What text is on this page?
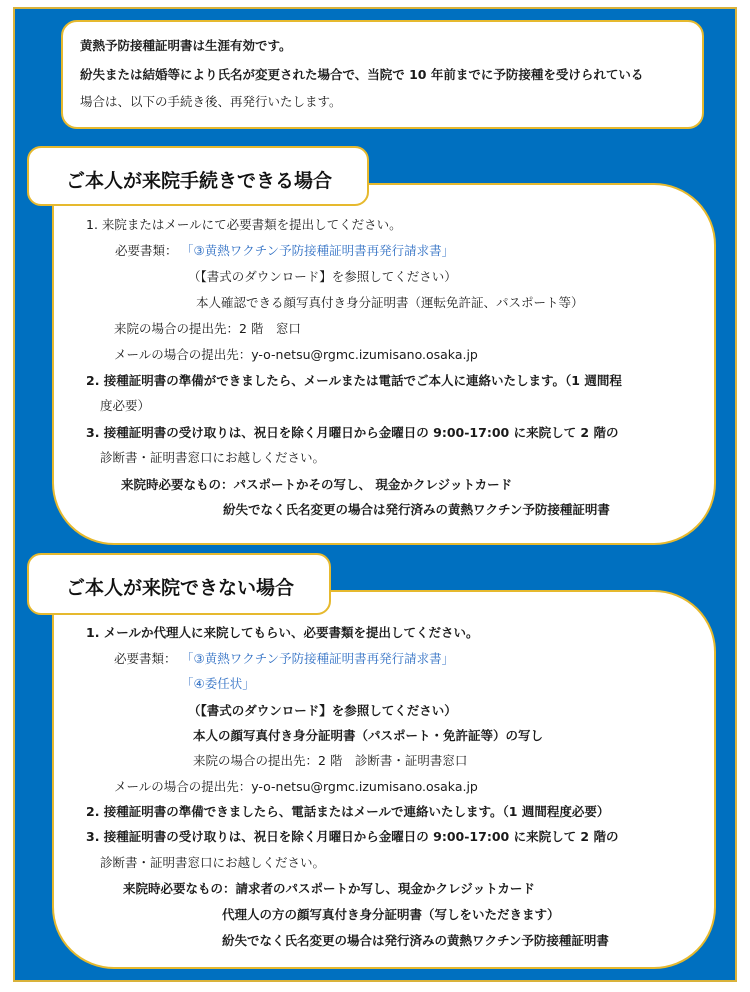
黄熱予防接種証明書は生涯有効です。
紛失または結婚等により氏名が変更された場合で、当院で 10 年前までに予防接種を受けられている
場合は、以下の手続き後、再発行いたします。
ご本人が来院手続きできる場合
1. 来院またはメールにて必要書類を提出してください。
必要書類： 「③黄熱ワクチン予防接種証明書再発行請求書」
（【書式のダウンロード】を参照してください）
本人確認できる顔写真付き身分証明書（運転免許証、パスポート等）
来院の場合の提出先：2 階　窓口
メールの場合の提出先：y-o-netsu@rgmc.izumisano.osaka.jp
2. 接種証明書の準備ができましたら、メールまたは電話でご本人に連絡いたします。（1 週間程
度必要）
3. 接種証明書の受け取りは、祝日を除く月曜日から金曜日の 9:00-17:00 に来院して 2 階の
診断書・証明書窓口にお越しください。
来院時必要なもの：パスポートかその写し、 現金かクレジットカード
紛失でなく氏名変更の場合は発行済みの黄熱ワクチン予防接種証明書
ご本人が来院できない場合
1. メールか代理人に来院してもらい、必要書類を提出してください。
必要書類： 「③黄熱ワクチン予防接種証明書再発行請求書」
「④委任状」
（【書式のダウンロード】を参照してください）
本人の顔写真付き身分証明書（パスポート・免許証等）の写し
来院の場合の提出先：2 階　診断書・証明書窓口
メールの場合の提出先：y-o-netsu@rgmc.izumisano.osaka.jp
2. 接種証明書の準備できましたら、電話またはメールで連絡いたします。（1 週間程度必要）
3. 接種証明書の受け取りは、祝日を除く月曜日から金曜日の 9:00-17:00 に来院して 2 階の
診断書・証明書窓口にお越しください。
来院時必要なもの：請求者のパスポートか写し、現金かクレジットカード
代理人の方の顔写真付き身分証明書（写しをいただきます）
紛失でなく氏名変更の場合は発行済みの黄熱ワクチン予防接種証明書
